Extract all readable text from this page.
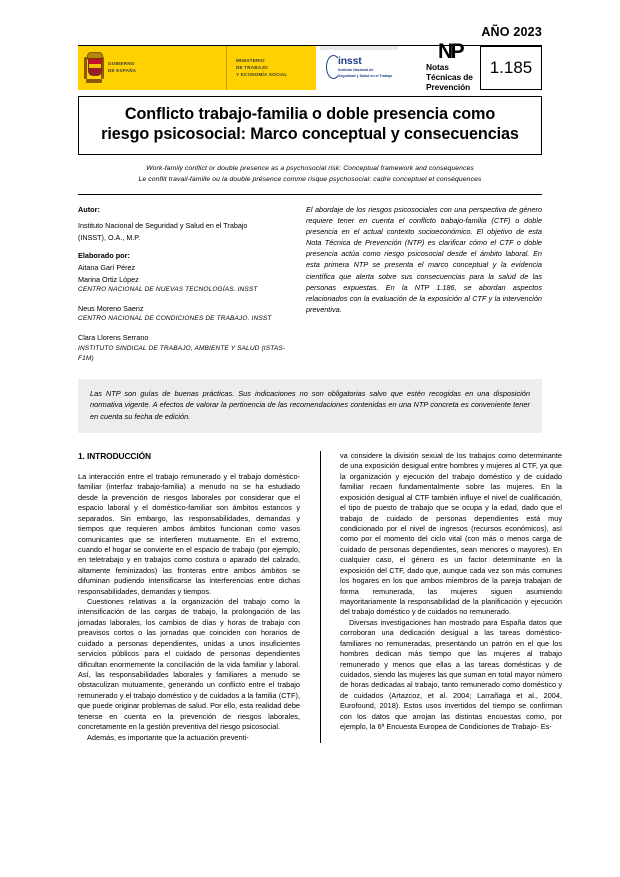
AÑO 2023
GOBIERNO
DE ESPAÑA
MINISTERIO
DE TRABAJO
Y ECONOMÍA SOCIAL
insst
Instituto Nacional de
Seguridad y Salud en el Trabajo
NP
Notas Técnicas de Prevención
1.185
Conflicto trabajo-familia o doble presencia como
riesgo psicosocial: Marco conceptual y consecuencias
Work-family conflict or double presence as a psychosocial risk: Conceptual framework and consequences
Le conflit travail-famille ou la double présence comme risque psychosocial: cadre conceptuel et conséquences
Autor:
Instituto Nacional de Seguridad y Salud en el Trabajo
(INSST), O.A., M.P.
Elaborado por:
Aitana Garí Pérez
Marina Ortiz López
CENTRO NACIONAL DE NUEVAS TECNOLOGÍAS. INSST
Neus Moreno Saenz
CENTRO NACIONAL DE CONDICIONES DE TRABAJO. INSST
Clara Llorens Serrano
INSTITUTO SINDICAL DE TRABAJO, AMBIENTE Y SALUD (ISTAS-F1M)
El abordaje de los riesgos psicosociales con una perspectiva de género requiere tener en cuenta el conflicto trabajo-familia (CTF) o doble presencia en el actual contexto socioeconómico. El objetivo de esta Nota Técnica de Prevención (NTP) es clarificar cómo el CTF o doble presencia actúa como riesgo psicosocial desde el ámbito laboral. En esta primera NTP se presenta el marco conceptual y la evidencia científica que alerta sobre sus consecuencias para la salud de las personas expuestas. En la NTP 1.186, se abordan aspectos relacionados con la evaluación de la exposición al CTF y la intervención preventiva.
Las NTP son guías de buenas prácticas. Sus indicaciones no son obligatorias salvo que estén recogidas en una disposición normativa vigente. A efectos de valorar la pertinencia de las recomendaciones contenidas en una NTP concreta es conveniente tener en cuenta su fecha de edición.
1. INTRODUCCIÓN

La interacción entre el trabajo remunerado y el trabajo doméstico-familiar (interfaz trabajo-familia) a menudo no se ha estudiado desde la prevención de riesgos laborales por considerar que el espacio laboral y el doméstico-familiar son ámbitos estancos y separados. Sin embargo, las responsabilidades, demandas y tiempos que requieren ambos ámbitos funcionan como vasos comunicantes que se interfieren mutuamente. En el extremo, cuando el hogar se convierte en el espacio de trabajo (por ejemplo, en teletrabajo y en trabajos como costura o aparado del calzado, altamente feminizados) las fronteras entre ambos ámbitos se difuminan pudiendo intensificarse las interferencias entre dichas responsabilidades, demandas y tiempos.

Cuestiones relativas a la organización del trabajo como la intensificación de las cargas de trabajo, la prolongación de las jornadas laborales, los cambios de días y horas de trabajo con preavisos cortos o las jornadas que coinciden con horarios de cuidado a personas dependientes, unidas a unos insuficientes servicios públicos para el cuidado de personas dependientes dificultan enormemente la conciliación de la vida familiar y laboral. Así, las responsabilidades laborales y familiares a menudo se obstaculizan mutuamente, generando un conflicto entre el trabajo remunerado y el trabajo doméstico y de cuidados a la familia (CTF), que puede originar problemas de salud. Por ello, esta realidad debe tenerse en cuenta en la prevención de riesgos laborales, concretamente en la gestión preventiva del riesgo psicosocial.

Además, es importante que la actuación preventi-

va considere la división sexual de los trabajos como determinante de una exposición desigual entre hombres y mujeres al CTF, ya que la organización y ejecución del trabajo doméstico y de cuidado familiar recaen fundamentalmente sobre las mujeres. En la exposición desigual al CTF también influye el nivel de cualificación, el tipo de puesto de trabajo que se ocupa y la edad, dado que el trabajo de cuidado de personas dependientes está muy condicionado por el nivel de ingresos (recursos económicos), así como por el momento del ciclo vital (con más o menos carga de cuidado de personas dependientes, sean menores o mayores). En cualquier caso, el género es un factor determinante en la exposición del CTF, dado que, aunque cada vez son más comunes los hogares en los que ambos miembros de la pareja trabajan de forma remunerada, las mujeres siguen asumiendo mayoritariamente la responsabilidad de la planificación y ejecución del trabajo doméstico y de cuidados no remunerado.

Diversas investigaciones han mostrado para España datos que corroboran una dedicación desigual a las tareas doméstico-familiares no remuneradas, presentando un patrón en el que los hombres dedican más tiempo que las mujeres al trabajo remunerado y menos que ellas a las tareas domésticas y de cuidados, siendo las mujeres las que suman en total mayor número de horas dedicadas al trabajo, tanto remunerado como doméstico y de cuidados (Artazcoz, et al. 2004; Larrañaga et al., 2004, Eurofound, 2018). Estos usos invertidos del tiempo se confirman con los datos que arrojan las distintas encuestas como, por ejemplo, la 6ª Encuesta Europea de Condiciones de Trabajo- Es-
